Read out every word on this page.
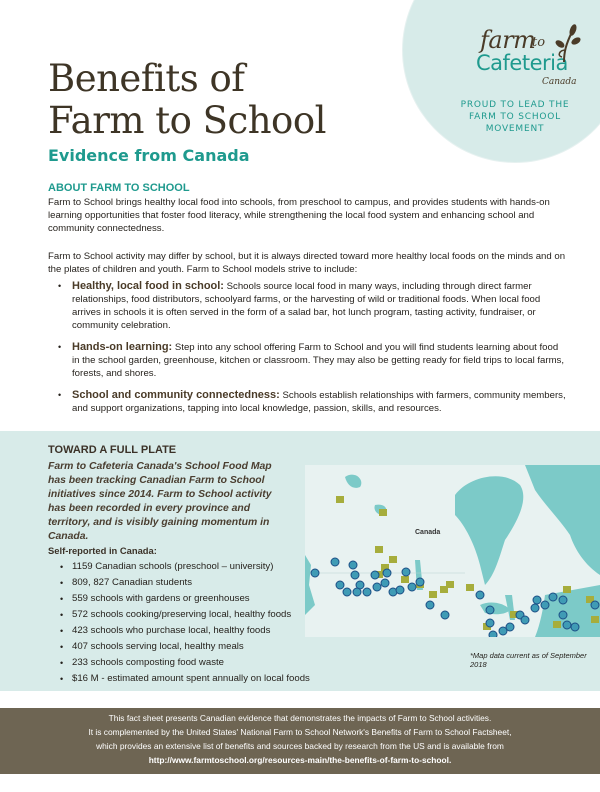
farm
to
Cafeteria
Canada
PROUD TO LEAD THE
FARM TO SCHOOL
MOVEMENT
Benefits of
Farm to School
Evidence from Canada
ABOUT FARM TO SCHOOL

Farm to School brings healthy local food into schools, from preschool to campus, and provides students with hands-on learning opportunities that foster food literacy, while strengthening the local food system and enhancing school and community connectedness.

Farm to School activity may differ by school, but it is always directed toward more healthy local foods on the minds and on the plates of children and youth. Farm to School models strive to include:

• Healthy, local food in school: Schools source local food in many ways, including through direct farmer relationships, food distributors, schoolyard farms, or the harvesting of wild or traditional foods. When local food arrives in schools it is often served in the form of a salad bar, hot lunch program, tasting activity, fundraiser, or community celebration.
• Hands-on learning: Step into any school offering Farm to School and you will find students learning about food in the school garden, greenhouse, kitchen or classroom. They may also be getting ready for field trips to local farms, forests, and shores.
• School and community connectedness: Schools establish relationships with farmers, community members, and support organizations, tapping into local knowledge, passion, skills, and resources.
TOWARD A FULL PLATE

Farm to Cafeteria Canada's School Food Map has been tracking Canadian Farm to School initiatives since 2014. Farm to School activity has been recorded in every province and territory, and is visibly gaining momentum in Canada.

Self-reported in Canada:

• 1159 Canadian schools (preschool – university)
• 809, 827 Canadian students
• 559 schools with gardens or greenhouses
• 572 schools cooking/preserving local, healthy foods
• 423 schools who purchase local, healthy foods
• 407 schools serving local, healthy meals
• 233 schools composting food waste
• $16 M - estimated amount spent annually on local foods
Canada
*Map data current as of September 2018

This fact sheet presents Canadian evidence that demonstrates the impacts of Farm to School activities.
It is complemented by the United States' National Farm to School Network's Benefits of Farm to School Factsheet,
which provides an extensive list of benefits and sources backed by research from the US and is available from
http://www.farmtoschool.org/resources-main/the-benefits-of-farm-to-school.
